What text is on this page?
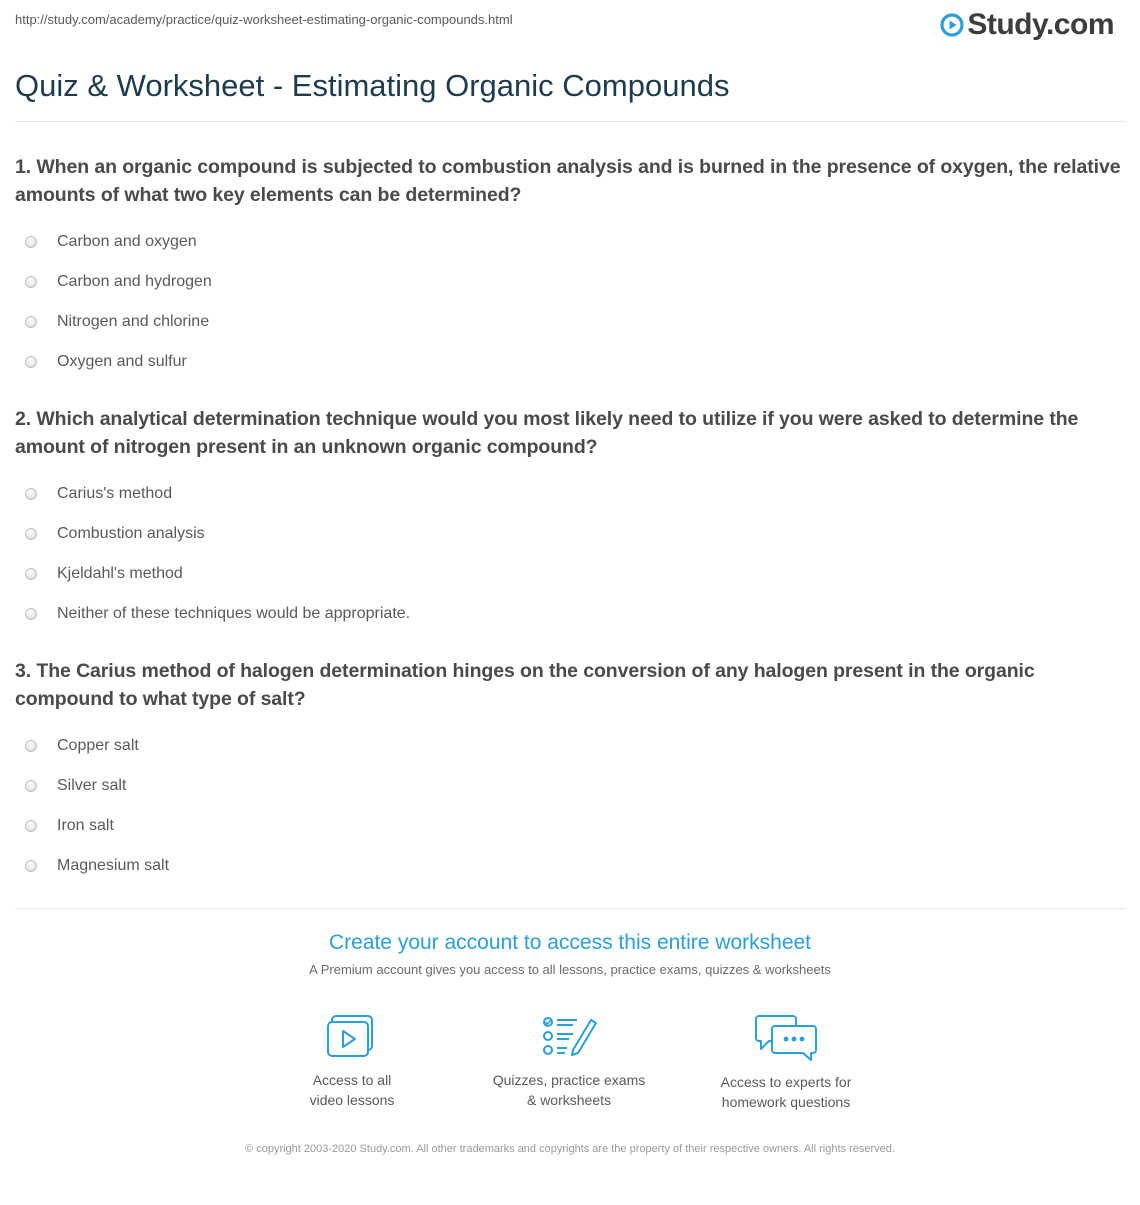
http://study.com/academy/practice/quiz-worksheet-estimating-organic-compounds.html	Study.com
Quiz & Worksheet - Estimating Organic Compounds

1. When an organic compound is subjected to combustion analysis and is burned in the presence of oxygen, the relative amounts of what two key elements can be determined?

Carbon and oxygen
Carbon and hydrogen
Nitrogen and chlorine
Oxygen and sulfur

2. Which analytical determination technique would you most likely need to utilize if you were asked to determine the amount of nitrogen present in an unknown organic compound?

Carius's method
Combustion analysis
Kjeldahl's method
Neither of these techniques would be appropriate.

3. The Carius method of halogen determination hinges on the conversion of any halogen present in the organic compound to what type of salt?

Copper salt
Silver salt
Iron salt
Magnesium salt
Create your account to access this entire worksheet
A Premium account gives you access to all lessons, practice exams, quizzes & worksheets
Access to all
video lessons
Quizzes, practice exams
& worksheets
Access to experts for
homework questions
© copyright 2003-2020 Study.com. All other trademarks and copyrights are the property of their respective owners. All rights reserved.
